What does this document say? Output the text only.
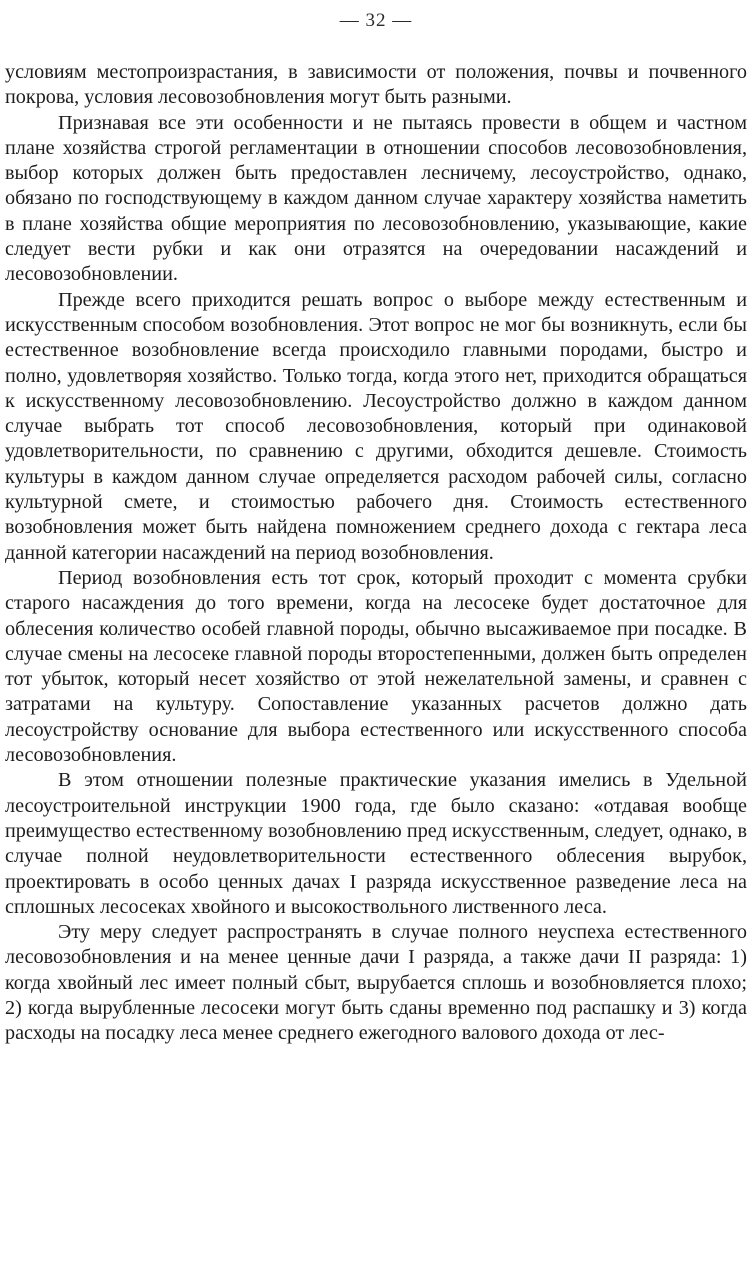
— 32 —

условиям местопроизрастания, в зависимости от положения, почвы и почвенного покрова, условия лесовозобновления могут быть разными.

Признавая все эти особенности и не пытаясь провести в общем и частном плане хозяйства строгой регламентации в отношении способов лесовозобновления, выбор которых должен быть предоставлен лесничему, лесоустройство, однако, обязано по господствующему в каждом данном случае характеру хозяйства наметить в плане хозяйства общие мероприятия по лесовозобновлению, указывающие, какие следует вести рубки и как они отразятся на очередовании насаждений и лесовозобновлении.

Прежде всего приходится решать вопрос о выборе между естественным и искусственным способом возобновления. Этот вопрос не мог бы возникнуть, если бы естественное возобновление всегда происходило главными породами, быстро и полно, удовлетворяя хозяйство. Только тогда, когда этого нет, приходится обращаться к искусственному лесовозобновлению. Лесоустройство должно в каждом данном случае выбрать тот способ лесовозобновления, который при одинаковой удовлетворительности, по сравнению с другими, обходится дешевле. Стоимость культуры в каждом данном случае определяется расходом рабочей силы, согласно культурной смете, и стоимостью рабочего дня. Стоимость естественного возобновления может быть найдена помножением среднего дохода с гектара леса данной категории насаждений на период возобновления.

Период возобновления есть тот срок, который проходит с момента срубки старого насаждения до того времени, когда на лесосеке будет достаточное для облесения количество особей главной породы, обычно высаживаемое при посадке. В случае смены на лесосеке главной породы второстепенными, должен быть определен тот убыток, который несет хозяйство от этой нежелательной замены, и сравнен с затратами на культуру. Сопоставление указанных расчетов должно дать лесоустройству основание для выбора естественного или искусственного способа лесовозобновления.

В этом отношении полезные практические указания имелись в Удельной лесоустроительной инструкции 1900 года, где было сказано: «отдавая вообще преимущество естественному возобновлению пред искусственным, следует, однако, в случае полной неудовлетворительности естественного облесения вырубок, проектировать в особо ценных дачах I разряда искусственное разведение леса на сплошных лесосеках хвойного и высокоствольного лиственного леса.

Эту меру следует распространять в случае полного неуспеха естественного лесовозобновления и на менее ценные дачи I разряда, а также дачи II разряда: 1) когда хвойный лес имеет полный сбыт, вырубается сплошь и возобновляется плохо; 2) когда вырубленные лесосеки могут быть сданы временно под распашку и 3) когда расходы на посадку леса менее среднего ежегодного валового дохода от лес-
